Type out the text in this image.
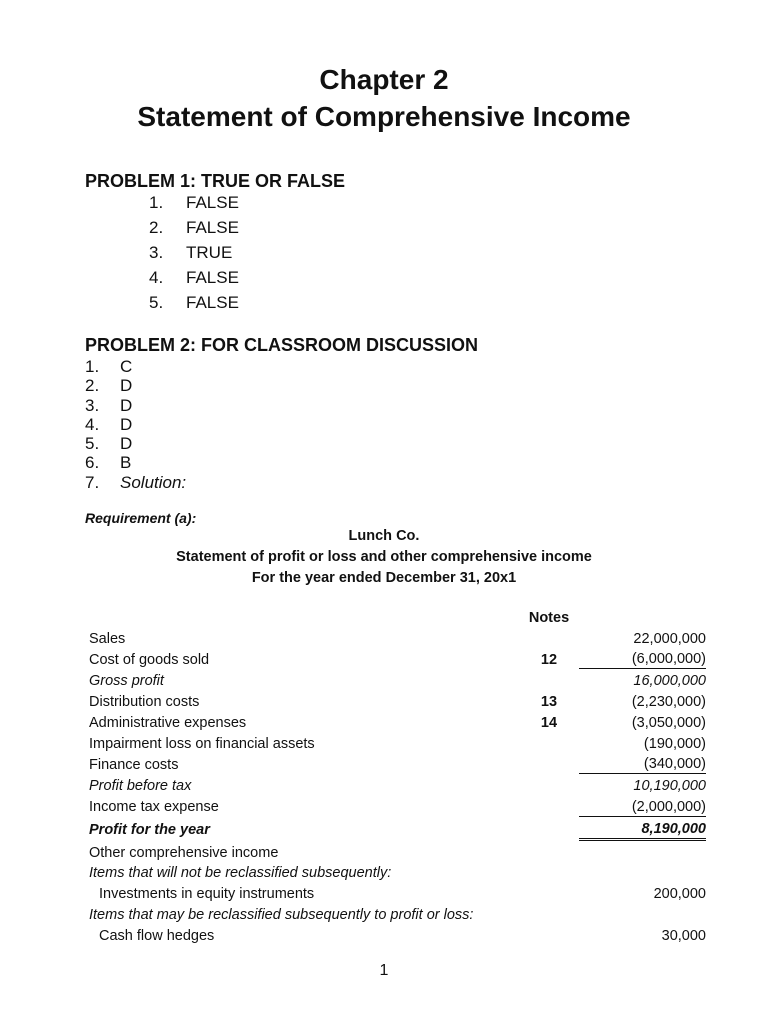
Chapter 2
Statement of Comprehensive Income
PROBLEM 1: TRUE OR FALSE
1. FALSE
2. FALSE
3. TRUE
4. FALSE
5. FALSE
PROBLEM 2: FOR CLASSROOM DISCUSSION
1. C
2. D
3. D
4. D
5. D
6. B
7. Solution:
Requirement (a):
Lunch Co.
Statement of profit or loss and other comprehensive income
For the year ended December 31, 20x1
	Notes	
Sales		22,000,000
Cost of goods sold	12	(6,000,000)
Gross profit		16,000,000
Distribution costs	13	(2,230,000)
Administrative expenses	14	(3,050,000)
Impairment loss on financial assets		(190,000)
Finance costs		(340,000)
Profit before tax		10,190,000
Income tax expense		(2,000,000)
Profit for the year		8,190,000
Other comprehensive income		
Items that will not be reclassified subsequently:		
Investments in equity instruments		200,000
Items that may be reclassified subsequently to profit or loss:		
Cash flow hedges		30,000
1
